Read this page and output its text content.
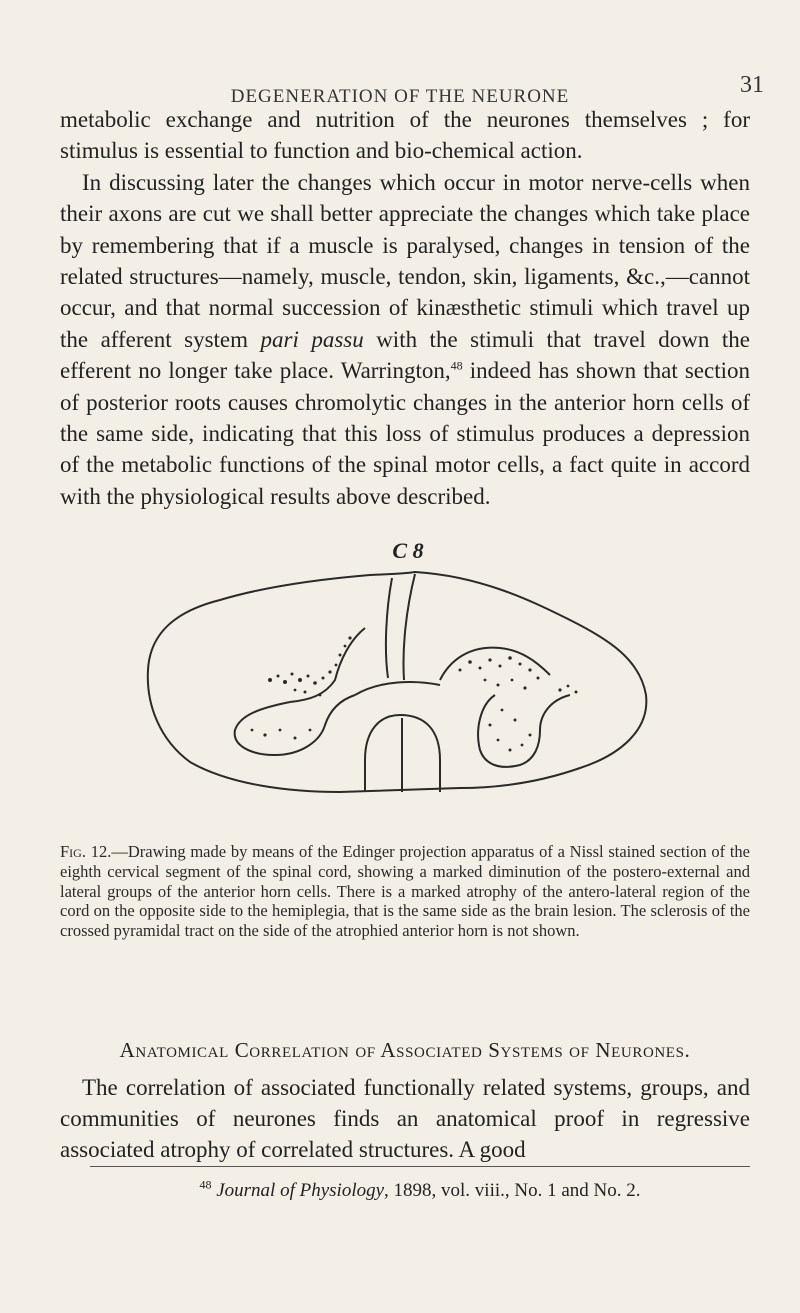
DEGENERATION OF THE NEURONE	31

metabolic exchange and nutrition of the neurones themselves ; for stimulus is essential to function and bio-chemical action.

In discussing later the changes which occur in motor nerve-cells when their axons are cut we shall better appreciate the changes which take place by remembering that if a muscle is paralysed, changes in tension of the related structures—namely, muscle, tendon, skin, ligaments, &c.,—cannot occur, and that normal succession of kinæsthetic stimuli which travel up the afferent system pari passu with the stimuli that travel down the efferent no longer take place. Warrington,$^{48}$ indeed has shown that section of posterior roots causes chromolytic changes in the anterior horn cells of the same side, indicating that this loss of stimulus produces a depression of the metabolic functions of the spinal motor cells, a fact quite in accord with the physiological results above described.

C 8
Fig. 12.—Drawing made by means of the Edinger projection apparatus of a Nissl stained section of the eighth cervical segment of the spinal cord, showing a marked diminution of the postero-external and lateral groups of the anterior horn cells. There is a marked atrophy of the antero-lateral region of the cord on the opposite side to the hemiplegia, that is the same side as the brain lesion. The sclerosis of the crossed pyramidal tract on the side of the atrophied anterior horn is not shown.
Anatomical Correlation of Associated Systems of Neurones.
The correlation of associated functionally related systems, groups, and communities of neurones finds an anatomical proof in regressive associated atrophy of correlated structures. A good
$^{48}$ Journal of Physiology, 1898, vol. viii., No. 1 and No. 2.
